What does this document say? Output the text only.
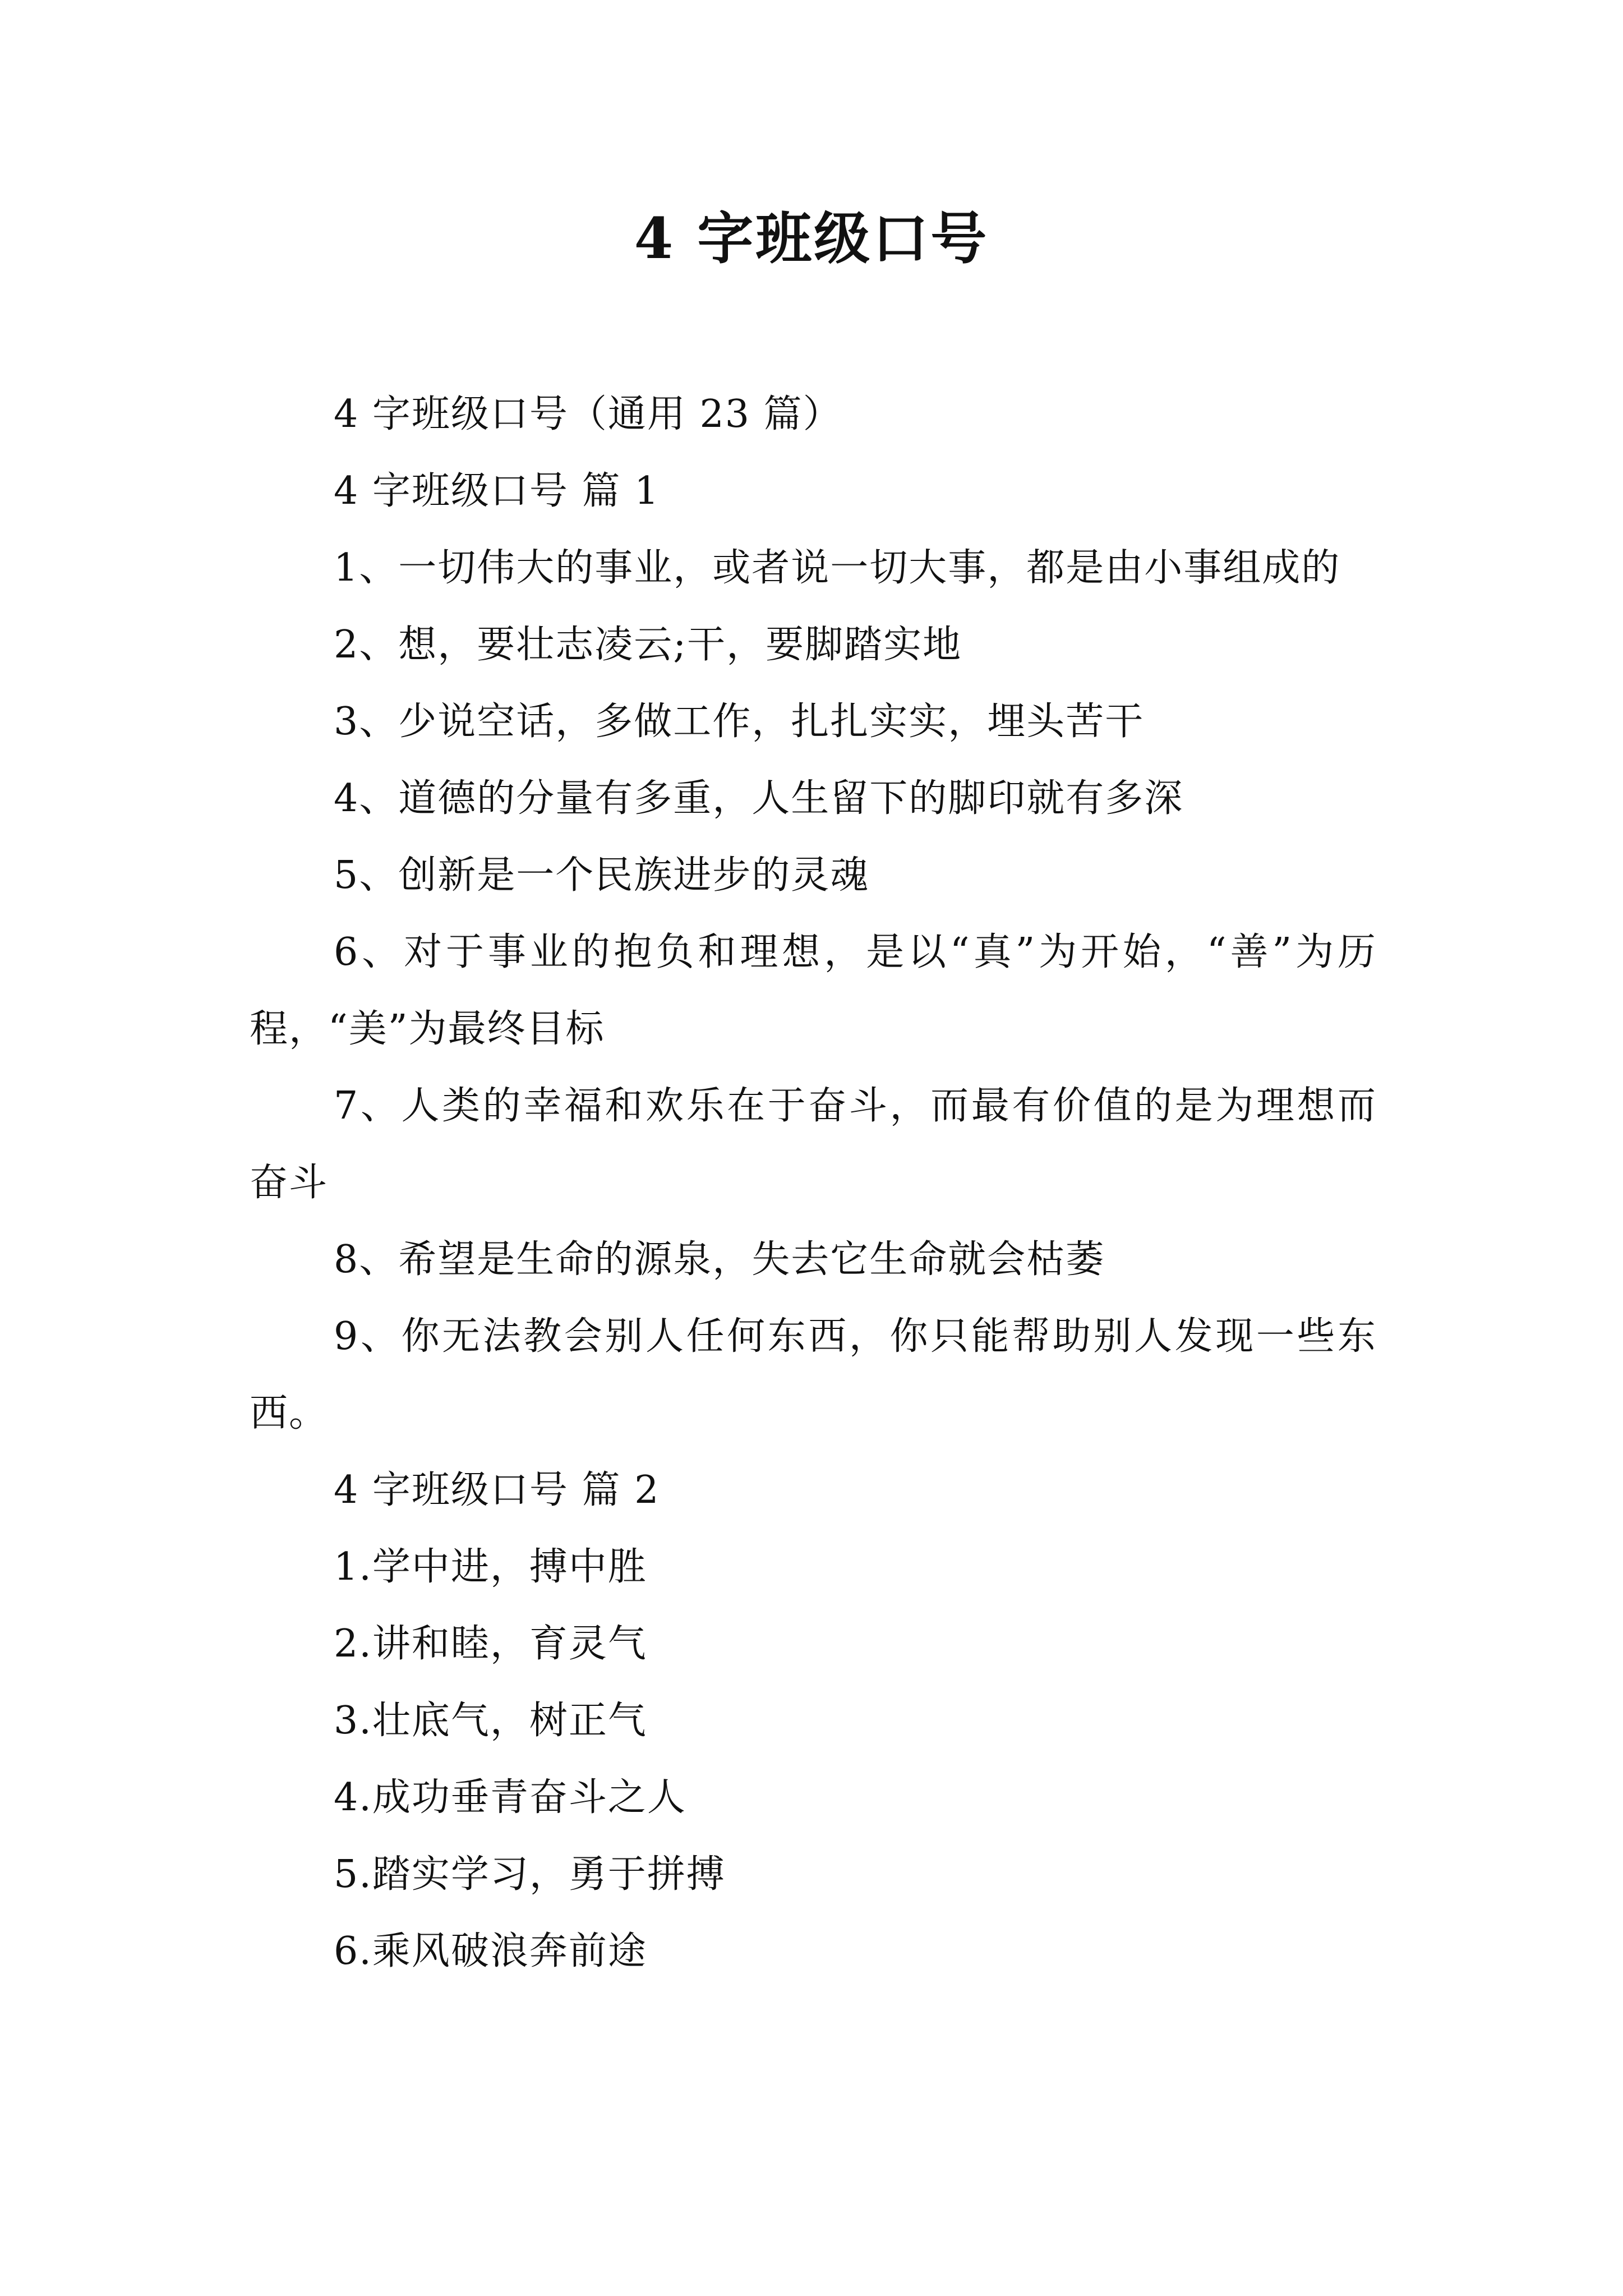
4 字班级口号
4 字班级口号（通用 23 篇）
4 字班级口号 篇 1
1、一切伟大的事业，或者说一切大事，都是由小事组成的
2、想，要壮志凌云;干，要脚踏实地
3、少说空话，多做工作，扎扎实实，埋头苦干
4、道德的分量有多重，人生留下的脚印就有多深
5、创新是一个民族进步的灵魂
6、对于事业的抱负和理想，是以“真”为开始，“善”为历程，“美”为最终目标
7、人类的幸福和欢乐在于奋斗，而最有价值的是为理想而奋斗
8、希望是生命的源泉，失去它生命就会枯萎
9、你无法教会别人任何东西，你只能帮助别人发现一些东西。
4 字班级口号 篇 2
1.学中进，搏中胜
2.讲和睦，育灵气
3.壮底气，树正气
4.成功垂青奋斗之人
5.踏实学习，勇于拼搏
6.乘风破浪奔前途
